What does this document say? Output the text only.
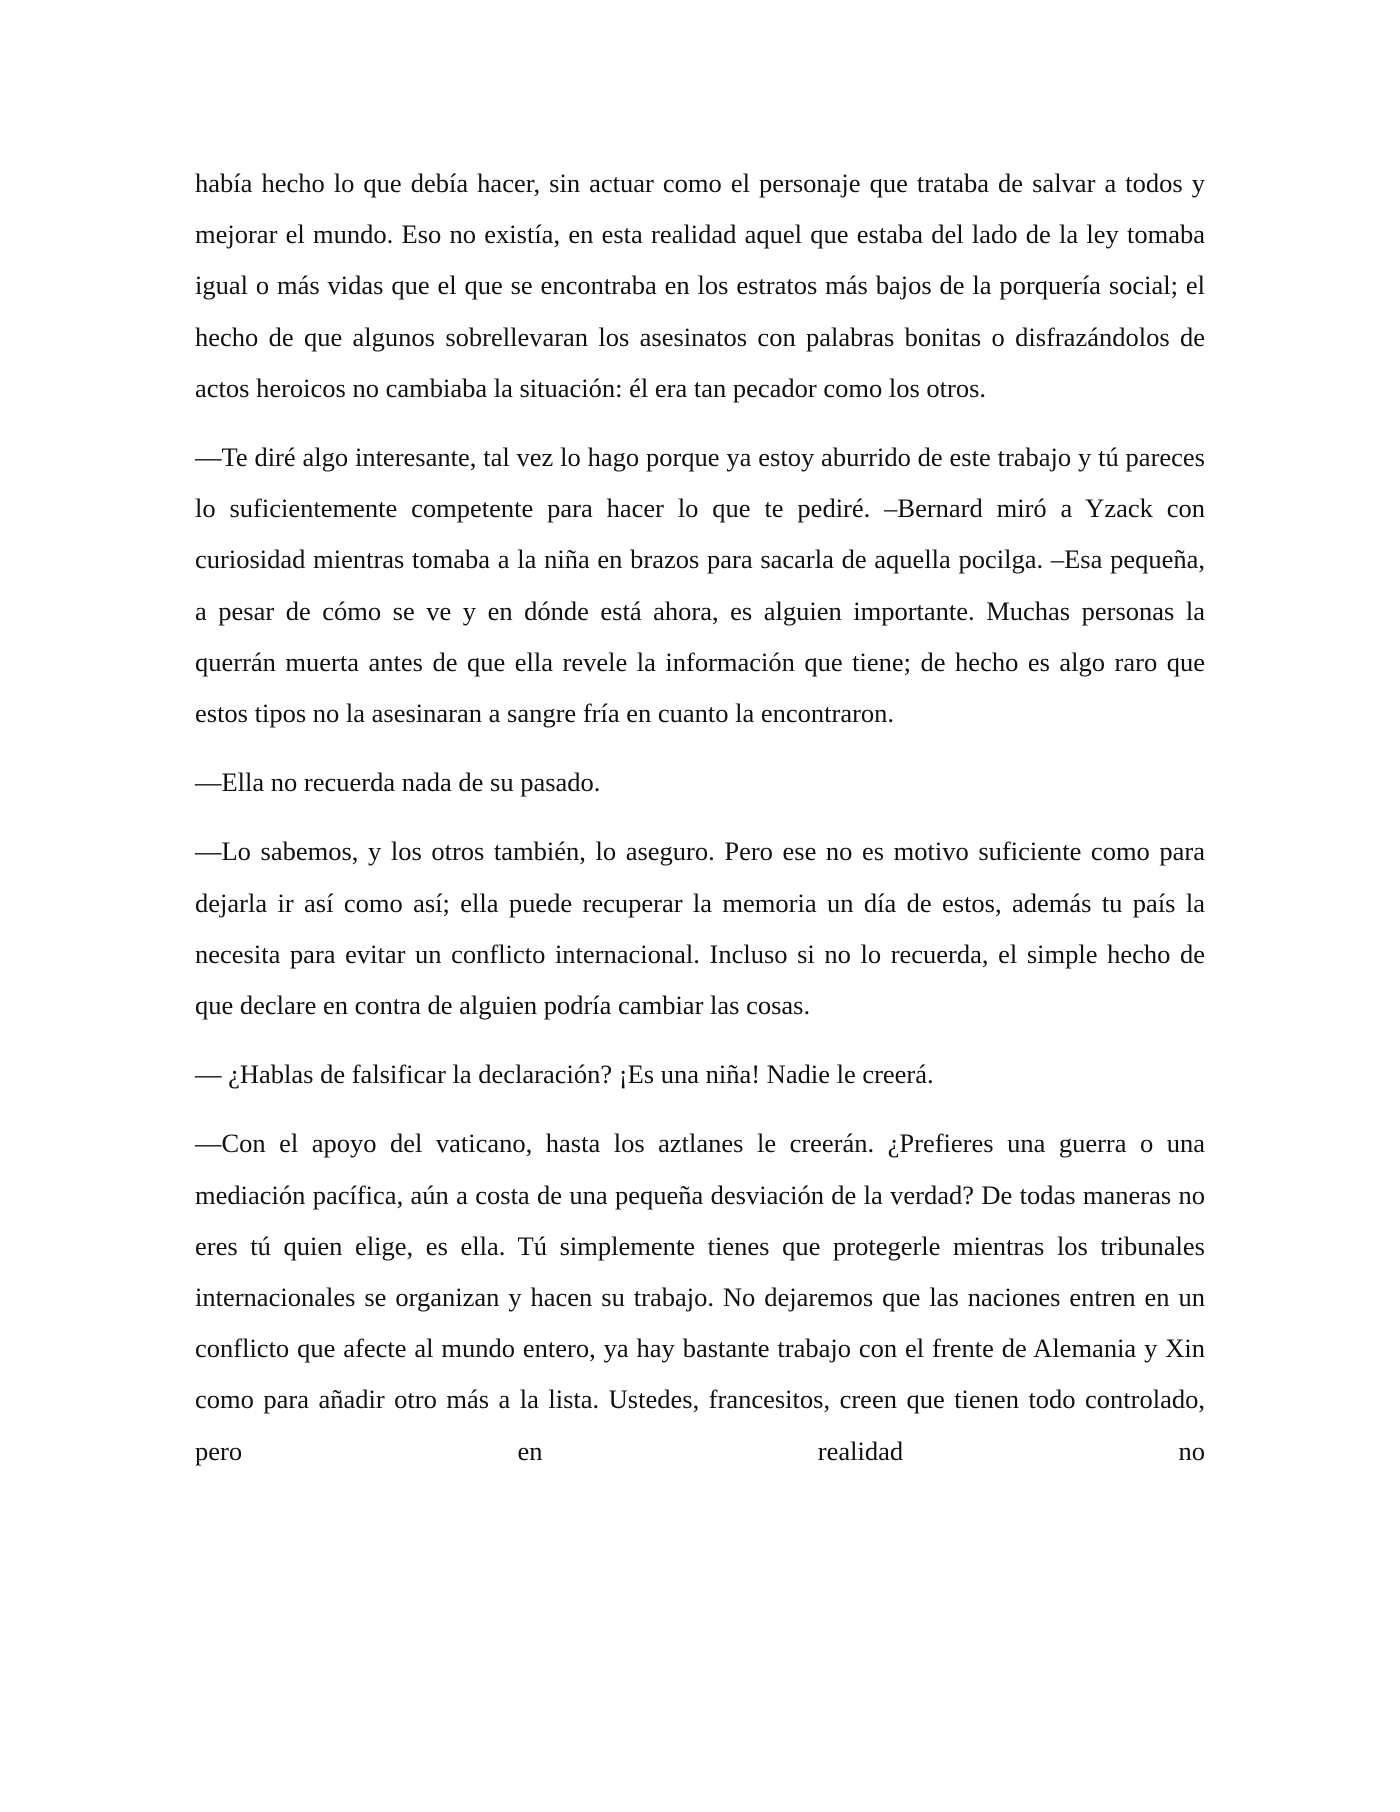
había hecho lo que debía hacer, sin actuar como el personaje que trataba de salvar a todos y mejorar el mundo. Eso no existía, en esta realidad aquel que estaba del lado de la ley tomaba igual o más vidas que el que se encontraba en los estratos más bajos de la porquería social; el hecho de que algunos sobrellevaran los asesinatos con palabras bonitas o disfrazándolos de actos heroicos no cambiaba la situación: él era tan pecador como los otros.

—Te diré algo interesante, tal vez lo hago porque ya estoy aburrido de este trabajo y tú pareces lo suficientemente competente para hacer lo que te pediré. –Bernard miró a Yzack con curiosidad mientras tomaba a la niña en brazos para sacarla de aquella pocilga. –Esa pequeña, a pesar de cómo se ve y en dónde está ahora, es alguien importante. Muchas personas la querrán muerta antes de que ella revele la información que tiene; de hecho es algo raro que estos tipos no la asesinaran a sangre fría en cuanto la encontraron.

—Ella no recuerda nada de su pasado.

—Lo sabemos, y los otros también, lo aseguro. Pero ese no es motivo suficiente como para dejarla ir así como así; ella puede recuperar la memoria un día de estos, además tu país la necesita para evitar un conflicto internacional. Incluso si no lo recuerda, el simple hecho de que declare en contra de alguien podría cambiar las cosas.

— ¿Hablas de falsificar la declaración? ¡Es una niña! Nadie le creerá.

—Con el apoyo del vaticano, hasta los aztlanes le creerán. ¿Prefieres una guerra o una mediación pacífica, aún a costa de una pequeña desviación de la verdad? De todas maneras no eres tú quien elige, es ella. Tú simplemente tienes que protegerle mientras los tribunales internacionales se organizan y hacen su trabajo. No dejaremos que las naciones entren en un conflicto que afecte al mundo entero, ya hay bastante trabajo con el frente de Alemania y Xin como para añadir otro más a la lista. Ustedes, francesitos, creen que tienen todo controlado, pero en realidad no
